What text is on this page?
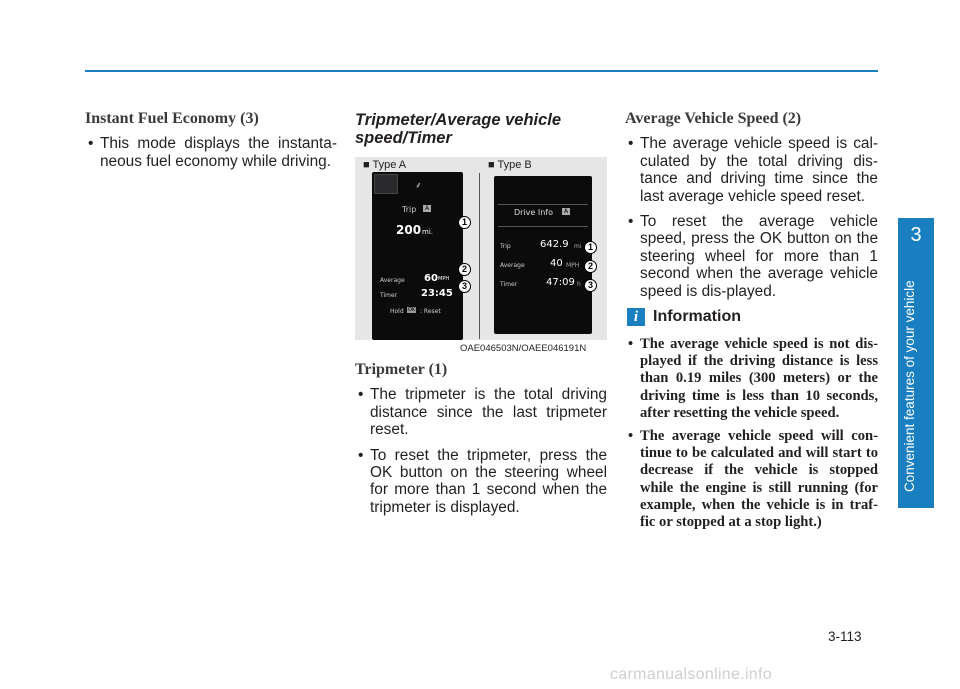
Instant Fuel Economy (3)
• This mode displays the instanta-neous fuel economy while driving.
Tripmeter/Average vehicle speed/Timer
■ Type A	■ Type B
⸙
Trip	A
200 mi.
Average 60 MPH
Timer 23:45
Hold OK : Reset
1
2
3
Drive Info	A
Trip	642.9 mi
Average	40 MPH
Timer	47:09 h
1
2
3
OAE046503N/OAEE046191N
Tripmeter (1)
• The tripmeter is the total driving distance since the last tripmeter reset.
• To reset the tripmeter, press the OK button on the steering wheel for more than 1 second when the tripmeter is displayed.
Average Vehicle Speed (2)
• The average vehicle speed is cal-culated by the total driving dis-tance and driving time since the last average vehicle speed reset.
• To reset the average vehicle speed, press the OK button on the steering wheel for more than 1 second when the average vehicle speed is dis-played.
i Information
• The average vehicle speed is not dis-played if the driving distance is less than 0.19 miles (300 meters) or the driving time is less than 10 seconds, after resetting the vehicle speed.
• The average vehicle speed will con-tinue to be calculated and will start to decrease if the vehicle is stopped while the engine is still running (for example, when the vehicle is in traf-fic or stopped at a stop light.)
3
Convenient features of your vehicle
3-113
carmanualsonline.info
